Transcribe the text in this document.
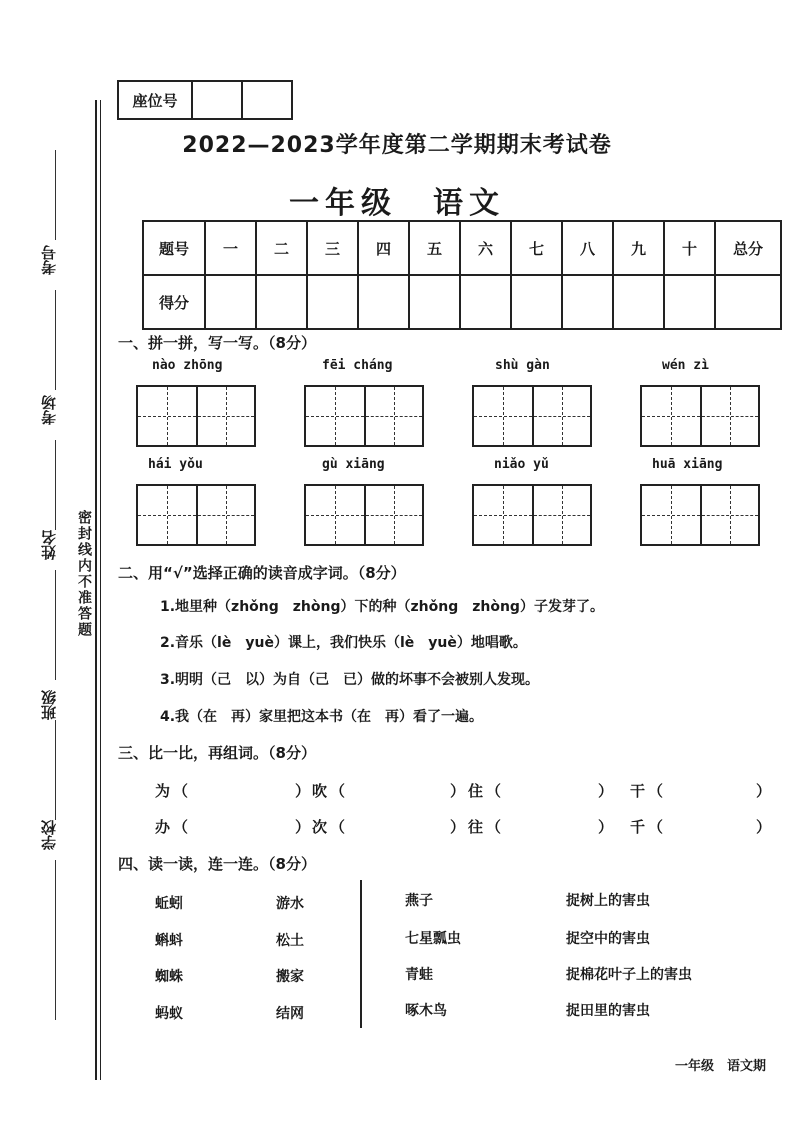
考号
考场
姓名
班级
学校
密封线内不准答题
座位号		
2022—2023学年度第二学期期末考试卷
一年级　语文
题号	一	二	三	四	五	六	七	八	九	十	总分
得分											
一、拼一拼，写一写。（8分）
nào zhōng	fēi cháng	shù gàn	wén zì
hái yǒu	gù xiāng	niǎo yǔ	huā xiāng
二、用“√”选择正确的读音成字词。（8分）
1.地里种（zhǒng　zhòng）下的种（zhǒng　zhòng）子发芽了。
2.音乐（lè　yuè）课上，我们快乐（lè　yuè）地唱歌。
3.明明（己　以）为自（己　已）做的坏事不会被别人发现。
4.我（在　再）家里把这本书（在　再）看了一遍。
三、比一比，再组词。（8分）
为 （	） 吹 （	） 住 （	） 干 （	）
办 （	） 次 （	） 往 （	） 千 （	）
四、读一读，连一连。（8分）
蚯蚓
蝌蚪
蜘蛛
蚂蚁
游水
松土
搬家
结网
燕子
七星瓢虫
青蛙
啄木鸟
捉树上的害虫
捉空中的害虫
捉棉花叶子上的害虫
捉田里的害虫
一年级　语文期
